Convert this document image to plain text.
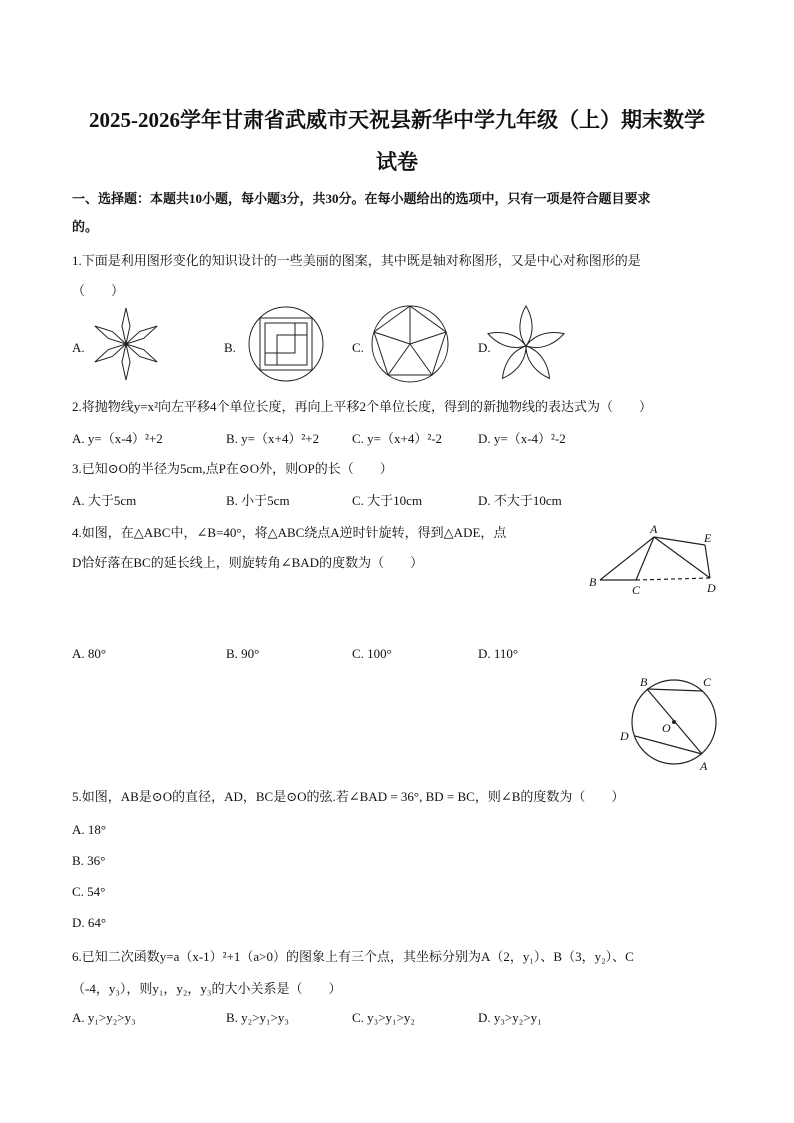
2025-2026学年甘肃省武威市天祝县新华中学九年级（上）期末数学
试卷
一、选择题：本题共10小题，每小题3分，共30分。在每小题给出的选项中，只有一项是符合题目要求
的。
1.下面是利用图形变化的知识设计的一些美丽的图案，其中既是轴对称图形，又是中心对称图形的是
（　　）
A.	B.	C.	D.
2.将抛物线y=x²向左平移4个单位长度，再向上平移2个单位长度，得到的新抛物线的表达式为（　　）
A. y=（x-4）²+2	B. y=（x+4）²+2	C. y=（x+4）²-2	D. y=（x-4）²-2
3.已知⊙O的半径为5cm,点P在⊙O外，则OP的长（　　）
A. 大于5cm	B. 小于5cm	C. 大于10cm	D. 不大于10cm
4.如图，在△ABC中，∠B=40°，将△ABC绕点A逆时针旋转，得到△ADE，点
D恰好落在BC的延长线上，则旋转角∠BAD的度数为（　　）
A
B
C	D
E
A. 80°	B. 90°	C. 100°	D. 110°
B	C
D
O
A
5.如图，AB是⊙O的直径，AD，BC是⊙O的弦.若∠BAD = 36°, BD = BC，则∠B的度数为（　　）
A. 18°
B. 36°
C. 54°
D. 64°
6.已知二次函数y=a（x-1）²+1（a>0）的图象上有三个点，其坐标分别为A（2，y₁）、B（3，y₂）、C
（-4，y₃），则y₁，y₂，y₃的大小关系是（　　）
A. y₁>y₂>y₃	B. y₂>y₁>y₃	C. y₃>y₁>y₂	D. y₃>y₂>y₁
